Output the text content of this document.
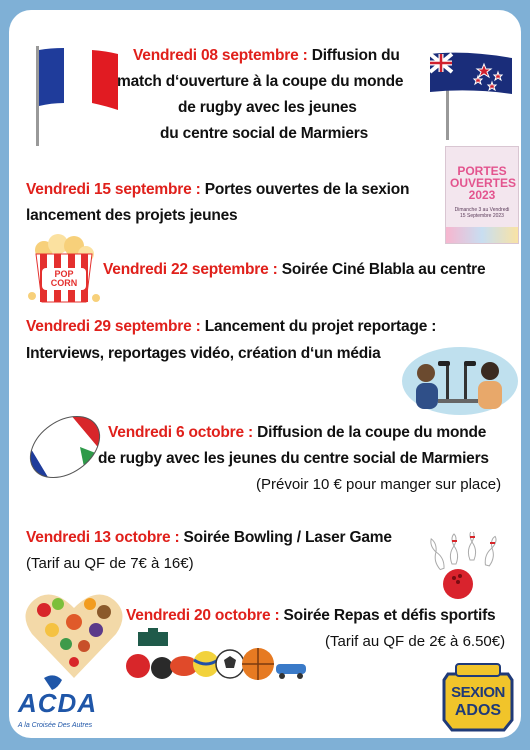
Vendredi 08 septembre : Diffusion du
match d‘ouverture à la coupe du monde
de rugby avec les jeunes
du centre social de Marmiers
PORTES OUVERTES 2023
Dimanche 3 au Vendredi 15 Septembre 2023
Vendredi 15 septembre : Portes ouvertes de la sexion
lancement des projets jeunes
POP CORN
Vendredi 22 septembre : Soirée Ciné Blabla au centre
Vendredi 29 septembre : Lancement du projet reportage :
Interviews, reportages vidéo, création d‘un média
Vendredi 6 octobre : Diffusion de la coupe du monde
de rugby avec les jeunes du centre social de Marmiers
(Prévoir 10 € pour manger sur place)
Vendredi 13 octobre : Soirée Bowling / Laser Game
(Tarif au QF de 7€ à 16€)
Vendredi 20 octobre : Soirée Repas et défis sportifs
(Tarif au QF de 2€ à 6.50€)
ACDA
A la Croisée Des Autres
SEXION
ADOS
